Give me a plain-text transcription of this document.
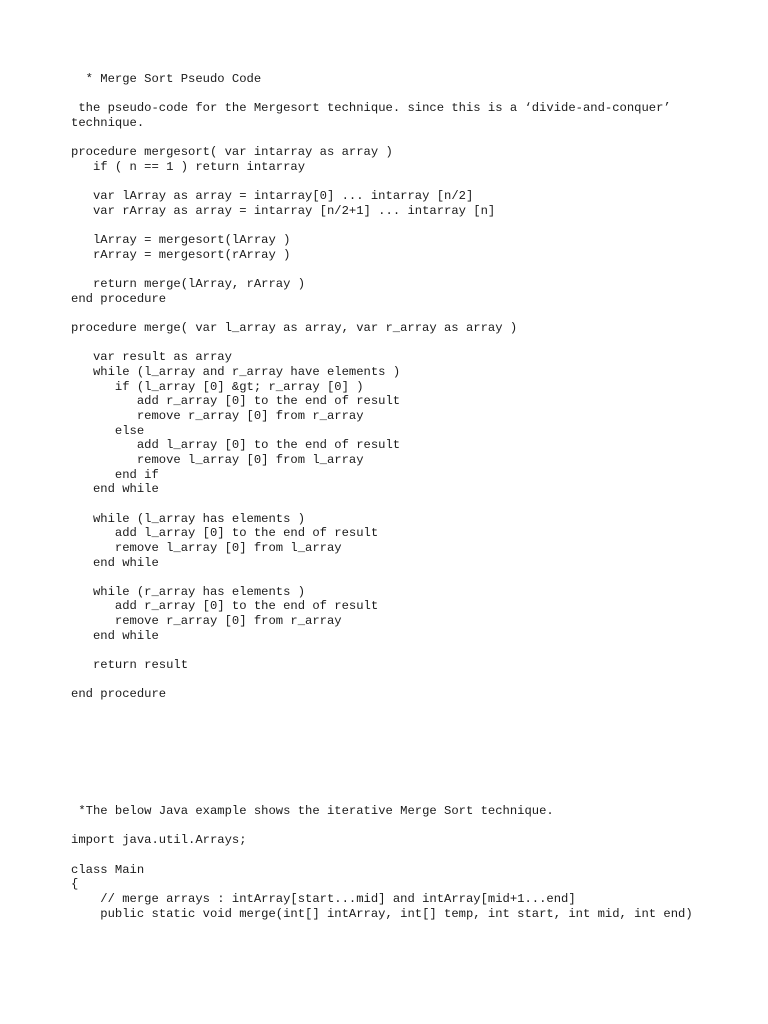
* Merge Sort Pseudo Code
the pseudo-code for the Mergesort technique. since this is a ‘divide-and-conquer’ technique.
procedure mergesort( var intarray as array )
if ( n == 1 ) return intarray
var lArray as array = intarray[0] ... intarray [n/2]
var rArray as array = intarray [n/2+1] ... intarray [n]
lArray = mergesort(lArray )
rArray = mergesort(rArray )
return merge(lArray, rArray )
end procedure
procedure merge( var l_array as array, var r_array as array )
var result as array
while (l_array and r_array have elements )
if (l_array [0] &gt; r_array [0] )
add r_array [0] to the end of result
remove r_array [0] from r_array
else
add l_array [0] to the end of result
remove l_array [0] from l_array
end if
end while
while (l_array has elements )
add l_array [0] to the end of result
remove l_array [0] from l_array
end while
while (r_array has elements )
add r_array [0] to the end of result
remove r_array [0] from r_array
end while
return result
end procedure
*The below Java example shows the iterative Merge Sort technique.
import java.util.Arrays;
class Main
{
// merge arrays : intArray[start...mid] and intArray[mid+1...end]
public static void merge(int[] intArray, int[] temp, int start, int mid, int end)
